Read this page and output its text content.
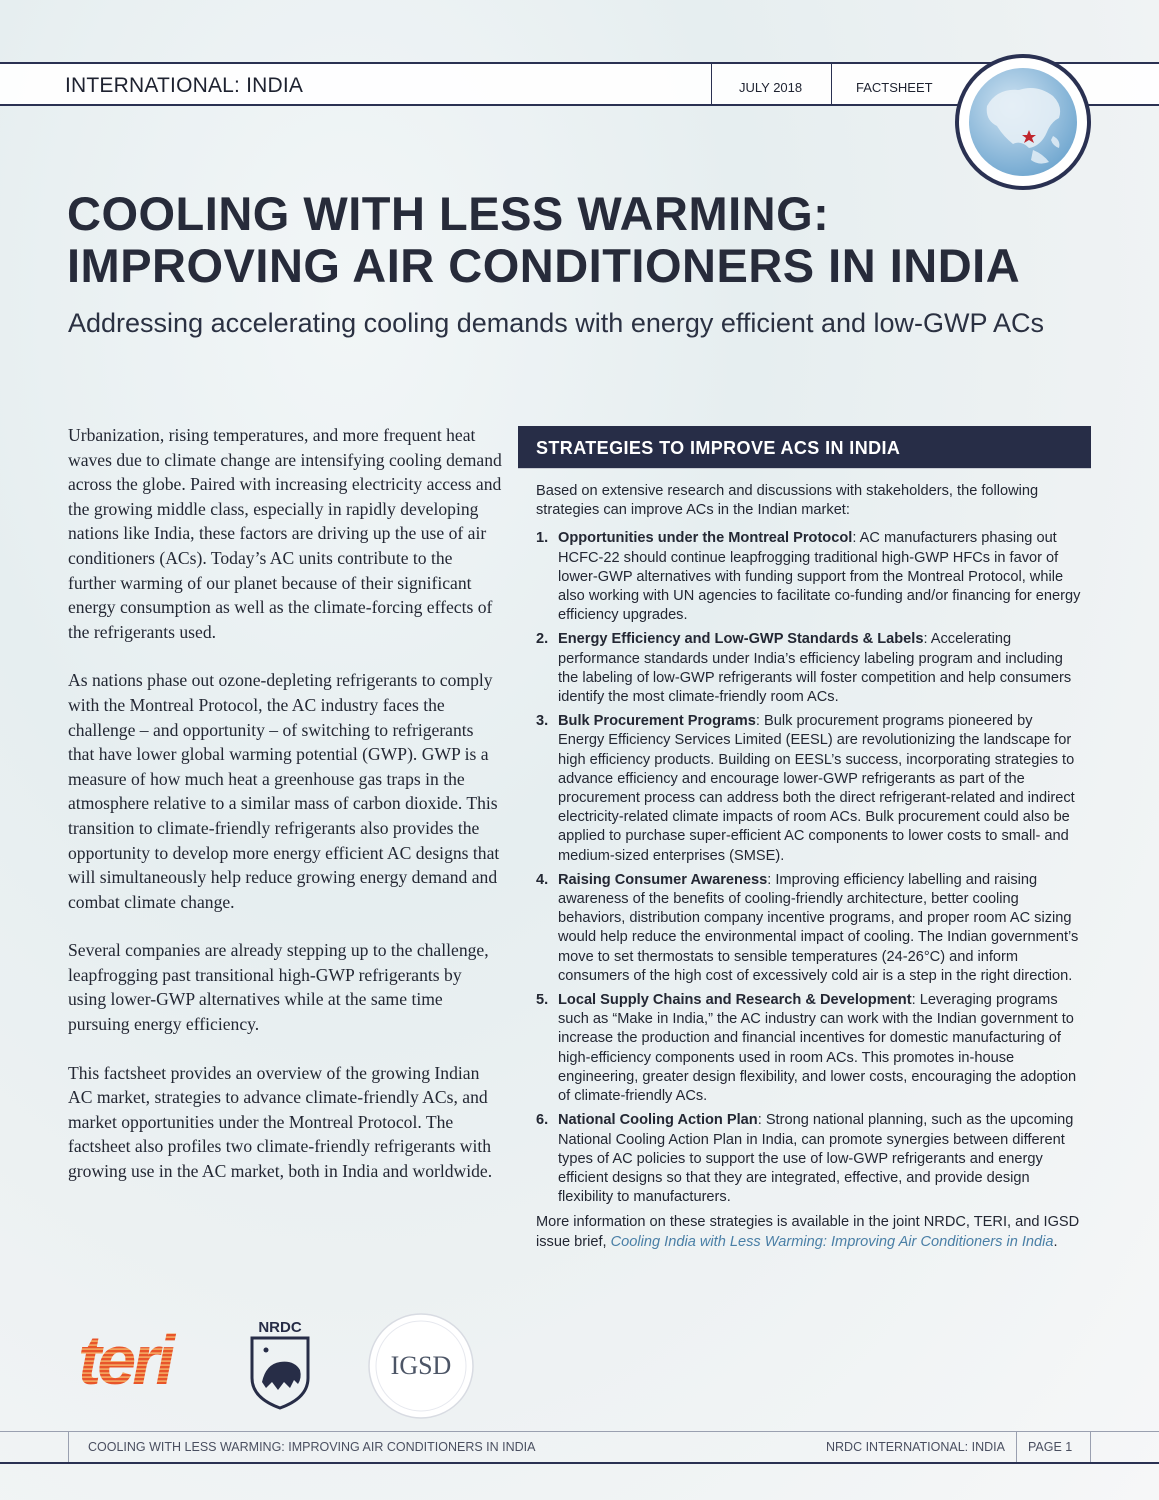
INTERNATIONAL: INDIA	JULY 2018	FACTSHEET
COOLING WITH LESS WARMING:
IMPROVING AIR CONDITIONERS IN INDIA
Addressing accelerating cooling demands with energy efficient and low-GWP ACs

Urbanization, rising temperatures, and more frequent heat waves due to climate change are intensifying cooling demand across the globe. Paired with increasing electricity access and the growing middle class, especially in rapidly developing nations like India, these factors are driving up the use of air conditioners (ACs). Today’s AC units contribute to the further warming of our planet because of their significant energy consumption as well as the climate-forcing effects of the refrigerants used.

As nations phase out ozone-depleting refrigerants to comply with the Montreal Protocol, the AC industry faces the challenge – and opportunity – of switching to refrigerants that have lower global warming potential (GWP). GWP is a measure of how much heat a greenhouse gas traps in the atmosphere relative to a similar mass of carbon dioxide. This transition to climate-friendly refrigerants also provides the opportunity to develop more energy efficient AC designs that will simultaneously help reduce growing energy demand and combat climate change.

Several companies are already stepping up to the challenge, leapfrogging past transitional high-GWP refrigerants by using lower-GWP alternatives while at the same time pursuing energy efficiency.

This factsheet provides an overview of the growing Indian AC market, strategies to advance climate-friendly ACs, and market opportunities under the Montreal Protocol. The factsheet also profiles two climate-friendly refrigerants with growing use in the AC market, both in India and worldwide.

STRATEGIES TO IMPROVE ACS IN INDIA

Based on extensive research and discussions with stakeholders, the following strategies can improve ACs in the Indian market:

1. Opportunities under the Montreal Protocol: AC manufacturers phasing out HCFC-22 should continue leapfrogging traditional high-GWP HFCs in favor of lower-GWP alternatives with funding support from the Montreal Protocol, while also working with UN agencies to facilitate co-funding and/or financing for energy efficiency upgrades.
2. Energy Efficiency and Low-GWP Standards & Labels: Accelerating performance standards under India’s efficiency labeling program and including the labeling of low-GWP refrigerants will foster competition and help consumers identify the most climate-friendly room ACs.
3. Bulk Procurement Programs: Bulk procurement programs pioneered by Energy Efficiency Services Limited (EESL) are revolutionizing the landscape for high efficiency products. Building on EESL’s success, incorporating strategies to advance efficiency and encourage lower-GWP refrigerants as part of the procurement process can address both the direct refrigerant-related and indirect electricity-related climate impacts of room ACs. Bulk procurement could also be applied to purchase super-efficient AC components to lower costs to small- and medium-sized enterprises (SMSE).
4. Raising Consumer Awareness: Improving efficiency labelling and raising awareness of the benefits of cooling-friendly architecture, better cooling behaviors, distribution company incentive programs, and proper room AC sizing would help reduce the environmental impact of cooling. The Indian government’s move to set thermostats to sensible temperatures (24-26°C) and inform consumers of the high cost of excessively cold air is a step in the right direction.
5. Local Supply Chains and Research & Development: Leveraging programs such as “Make in India,” the AC industry can work with the Indian government to increase the production and financial incentives for domestic manufacturing of high-efficiency components used in room ACs. This promotes in-house engineering, greater design flexibility, and lower costs, encouraging the adoption of climate-friendly ACs.
6. National Cooling Action Plan: Strong national planning, such as the upcoming National Cooling Action Plan in India, can promote synergies between different types of AC policies to support the use of low-GWP refrigerants and energy efficient designs so that they are integrated, effective, and provide design flexibility to manufacturers.

More information on these strategies is available in the joint NRDC, TERI, and IGSD issue brief, Cooling India with Less Warming: Improving Air Conditioners in India.

teri	NRDC
IGSD
COOLING WITH LESS WARMING: IMPROVING AIR CONDITIONERS IN INDIA	NRDC INTERNATIONAL: INDIA PAGE 1
